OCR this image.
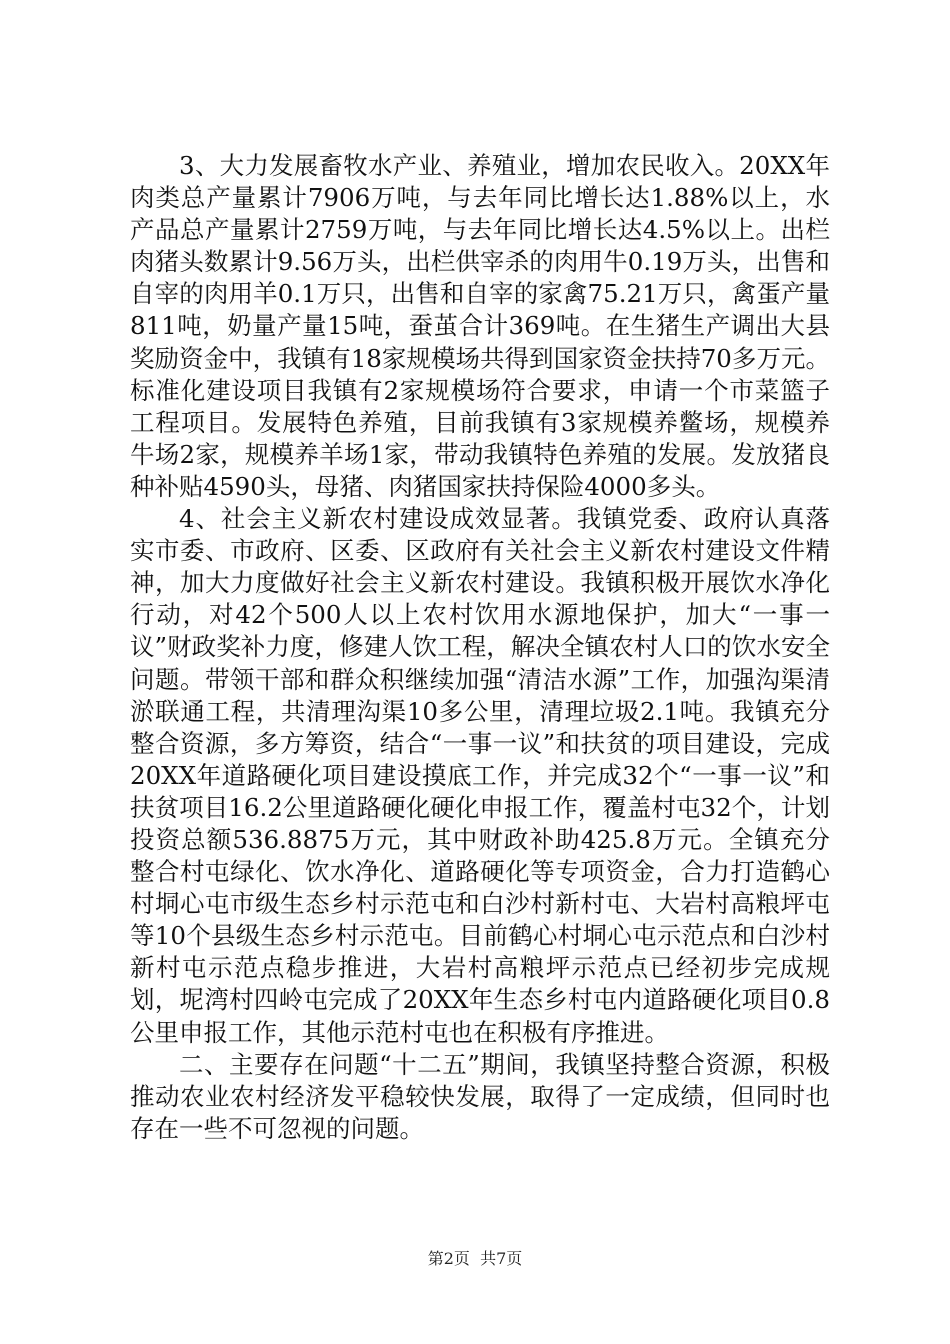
3、大力发展畜牧水产业、养殖业，增加农民收入。20XX年肉类总产量累计7906万吨，与去年同比增长达1.88%以上，水产品总产量累计2759万吨，与去年同比增长达4.5%以上。出栏肉猪头数累计9.56万头，出栏供宰杀的肉用牛0.19万头，出售和自宰的肉用羊0.1万只，出售和自宰的家禽75.21万只，禽蛋产量811吨，奶量产量15吨，蚕茧合计369吨。在生猪生产调出大县奖励资金中，我镇有18家规模场共得到国家资金扶持70多万元。标准化建设项目我镇有2家规模场符合要求，申请一个市菜篮子工程项目。发展特色养殖，目前我镇有3家规模养鳖场，规模养牛场2家，规模养羊场1家，带动我镇特色养殖的发展。发放猪良种补贴4590头，母猪、肉猪国家扶持保险4000多头。

4、社会主义新农村建设成效显著。我镇党委、政府认真落实市委、市政府、区委、区政府有关社会主义新农村建设文件精神，加大力度做好社会主义新农村建设。我镇积极开展饮水净化行动，对42个500人以上农村饮用水源地保护，加大“一事一议”财政奖补力度，修建人饮工程，解决全镇农村人口的饮水安全问题。带领干部和群众积继续加强“清洁水源”工作，加强沟渠清淤联通工程，共清理沟渠10多公里，清理垃圾2.1吨。我镇充分整合资源，多方筹资，结合“一事一议”和扶贫的项目建设，完成20XX年道路硬化项目建设摸底工作，并完成32个“一事一议”和扶贫项目16.2公里道路硬化硬化申报工作，覆盖村屯32个，计划投资总额536.8875万元，其中财政补助425.8万元。全镇充分整合村屯绿化、饮水净化、道路硬化等专项资金，合力打造鹤心村垌心屯市级生态乡村示范屯和白沙村新村屯、大岩村高粮坪屯等10个县级生态乡村示范屯。目前鹤心村垌心屯示范点和白沙村新村屯示范点稳步推进，大岩村高粮坪示范点已经初步完成规划，坭湾村四岭屯完成了20XX年生态乡村屯内道路硬化项目0.8公里申报工作，其他示范村屯也在积极有序推进。

二、主要存在问题“十二五”期间，我镇坚持整合资源，积极推动农业农村经济发平稳较快发展，取得了一定成绩，但同时也存在一些不可忽视的问题。

第2页  共7页
